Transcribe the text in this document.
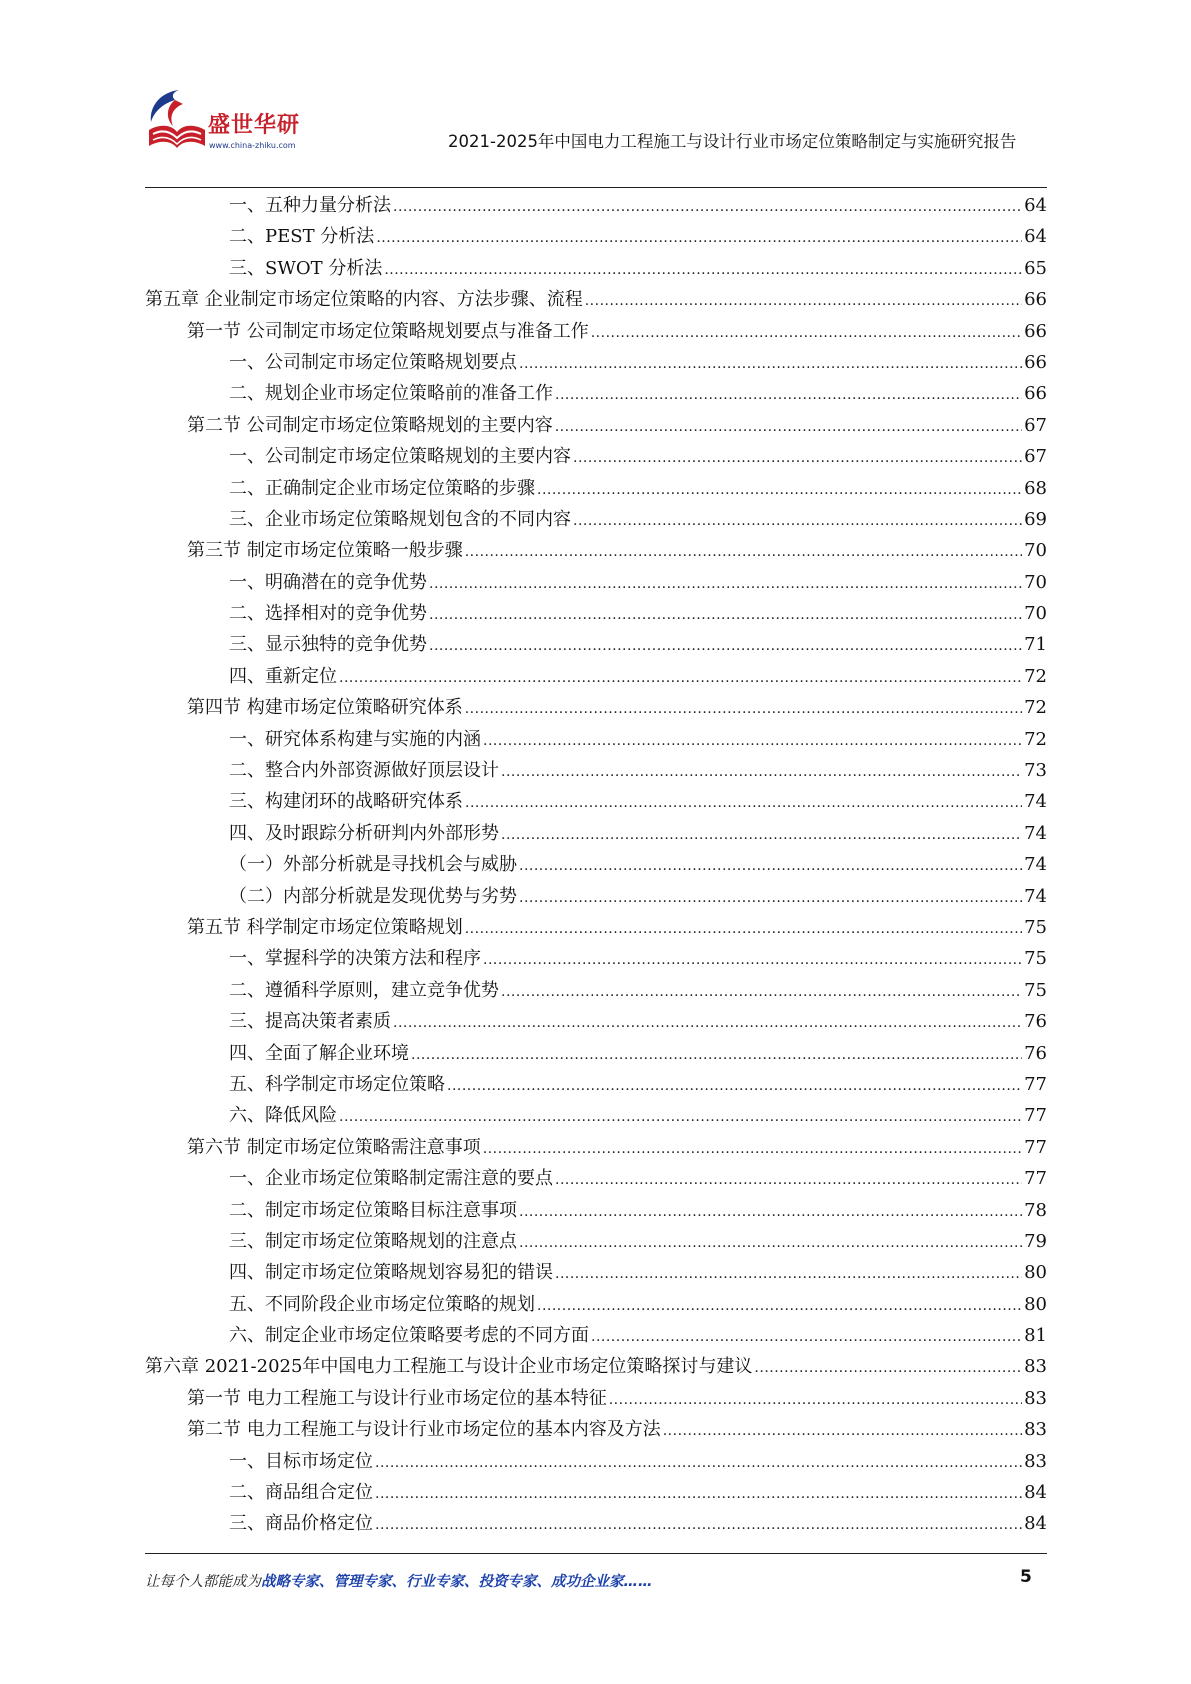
盛世华研
www.china-zhiku.com	2021-2025年中国电力工程施工与设计行业市场定位策略制定与实施研究报告
一、五种力量分析法 .....	64
二、PEST 分析法 .....	64
三、SWOT 分析法 .....	65
第五章 企业制定市场定位策略的内容、方法步骤、流程 .....	66
第一节 公司制定市场定位策略规划要点与准备工作 .....	66
一、公司制定市场定位策略规划要点 .....	66
二、规划企业市场定位策略前的准备工作 .....	66
第二节 公司制定市场定位策略规划的主要内容 .....	67
一、公司制定市场定位策略规划的主要内容 .....	67
二、正确制定企业市场定位策略的步骤 .....	68
三、企业市场定位策略规划包含的不同内容 .....	69
第三节 制定市场定位策略一般步骤 .....	70
一、明确潜在的竞争优势 .....	70
二、选择相对的竞争优势 .....	70
三、显示独特的竞争优势 .....	71
四、重新定位 .....	72
第四节 构建市场定位策略研究体系 .....	72
一、研究体系构建与实施的内涵 .....	72
二、整合内外部资源做好顶层设计 .....	73
三、构建闭环的战略研究体系 .....	74
四、及时跟踪分析研判内外部形势 .....	74
（一）外部分析就是寻找机会与威胁 .....	74
（二）内部分析就是发现优势与劣势 .....	74
第五节 科学制定市场定位策略规划 .....	75
一、掌握科学的决策方法和程序 .....	75
二、遵循科学原则，建立竞争优势 .....	75
三、提高决策者素质 .....	76
四、全面了解企业环境 .....	76
五、科学制定市场定位策略 .....	77
六、降低风险 .....	77
第六节 制定市场定位策略需注意事项 .....	77
一、企业市场定位策略制定需注意的要点 .....	77
二、制定市场定位策略目标注意事项 .....	78
三、制定市场定位策略规划的注意点 .....	79
四、制定市场定位策略规划容易犯的错误 .....	80
五、不同阶段企业市场定位策略的规划 .....	80
六、制定企业市场定位策略要考虑的不同方面 .....	81
第六章 2021-2025年中国电力工程施工与设计企业市场定位策略探讨与建议 .....	83
第一节 电力工程施工与设计行业市场定位的基本特征 .....	83
第二节 电力工程施工与设计行业市场定位的基本内容及方法 .....	83
一、目标市场定位 .....	83
二、商品组合定位 .....	84
三、商品价格定位 .....	84
让每个人都能成为战略专家、管理专家、行业专家、投资专家、成功企业家……	5
